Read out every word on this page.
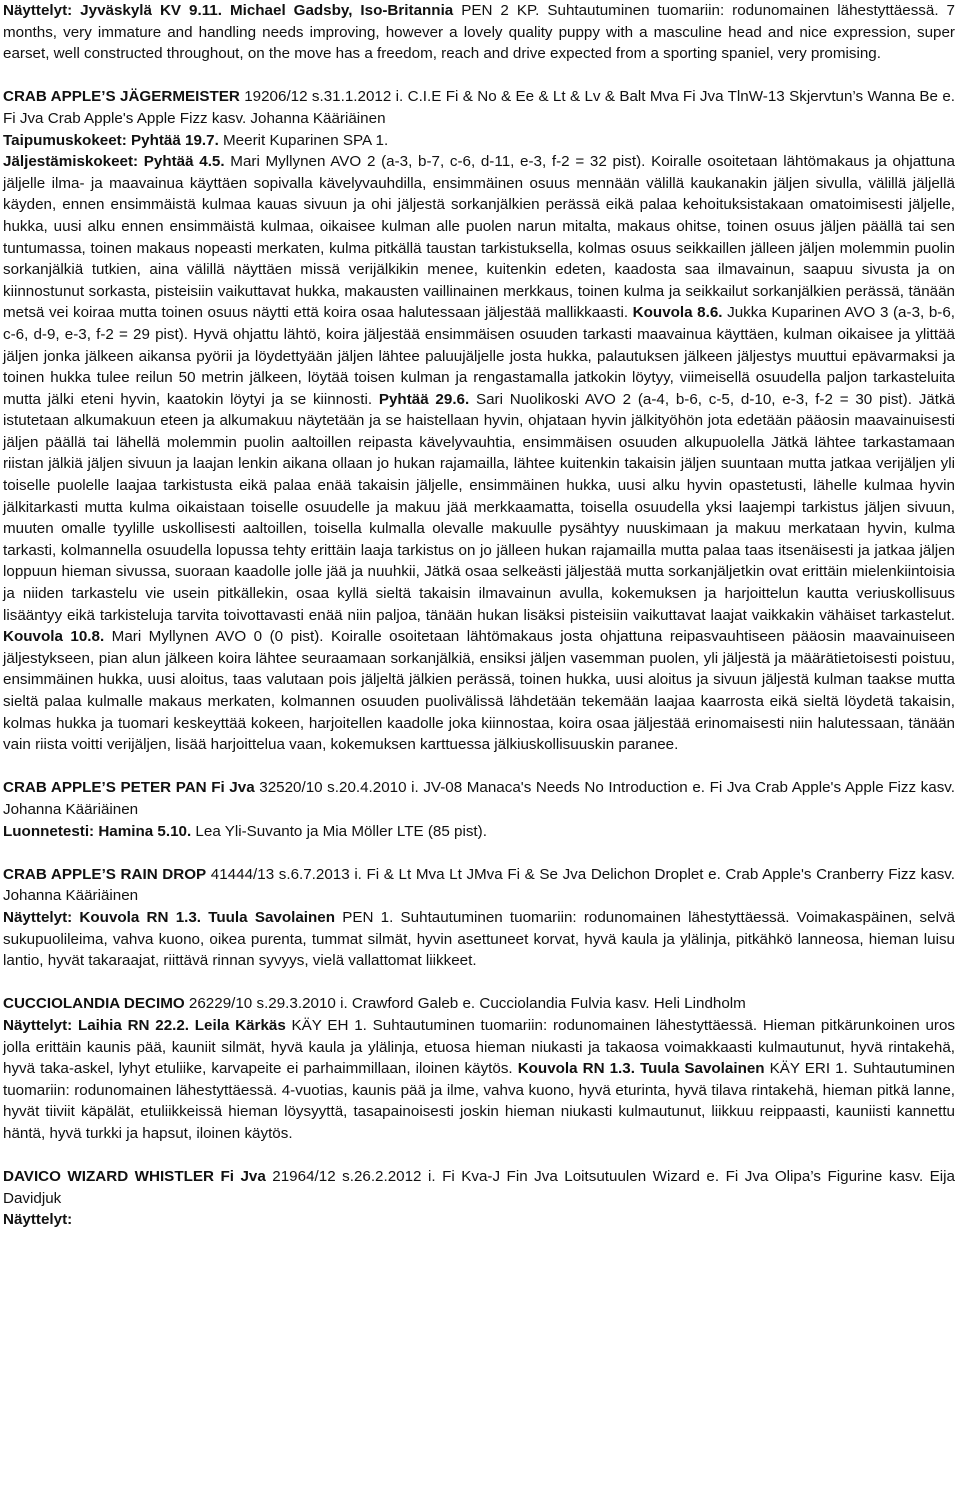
Näyttelyt: Jyväskylä KV 9.11. Michael Gadsby, Iso-Britannia PEN 2 KP. Suhtautuminen tuomariin: rodunomainen lähestyttäessä. 7 months, very immature and handling needs improving, however a lovely quality puppy with a masculine head and nice expression, super earset, well constructed throughout, on the move has a freedom, reach and drive expected from a sporting spaniel, very promising.

CRAB APPLE’S JÄGERMEISTER 19206/12 s.31.1.2012 i. C.I.E Fi & No & Ee & Lt & Lv & Balt Mva Fi Jva TlnW-13 Skjervtun’s Wanna Be e. Fi Jva Crab Apple's Apple Fizz kasv. Johanna Kääriäinen

Taipumuskokeet: Pyhtää 19.7. Meerit Kuparinen SPA 1.

Jäljestämiskokeet: Pyhtää 4.5. Mari Myllynen AVO 2 (a-3, b-7, c-6, d-11, e-3, f-2 = 32 pist). Koiralle osoitetaan lähtömakaus ja ohjattuna jäljelle ilma- ja maavainua käyttäen sopivalla kävelyvauhdilla, ensimmäinen osuus mennään välillä kaukanakin jäljen sivulla, välillä jäljellä käyden, ennen ensimmäistä kulmaa kauas sivuun ja ohi jäljestä sorkanjälkien perässä eikä palaa kehoituksistakaan omatoimisesti jäljelle, hukka, uusi alku ennen ensimmäistä kulmaa, oikaisee kulman alle puolen narun mitalta, makaus ohitse, toinen osuus jäljen päällä tai sen tuntumassa, toinen makaus nopeasti merkaten, kulma pitkällä taustan tarkistuksella, kolmas osuus seikkaillen jälleen jäljen molemmin puolin sorkanjälkiä tutkien, aina välillä näyttäen missä verijälkikin menee, kuitenkin edeten, kaadosta saa ilmavainun, saapuu sivusta ja on kiinnostunut sorkasta, pisteisiin vaikuttavat hukka, makausten vaillinainen merkkaus, toinen kulma ja seikkailut sorkanjälkien perässä, tänään metsä vei koiraa mutta toinen osuus näytti että koira osaa halutessaan jäljestää mallikkaasti. Kouvola 8.6. Jukka Kuparinen AVO 3 (a-3, b-6, c-6, d-9, e-3, f-2 = 29 pist). Hyvä ohjattu lähtö, koira jäljestää ensimmäisen osuuden tarkasti maavainua käyttäen, kulman oikaisee ja ylittää jäljen jonka jälkeen aikansa pyörii ja löydettyään jäljen lähtee paluujäljelle josta hukka, palautuksen jälkeen jäljestys muuttui epävarmaksi ja toinen hukka tulee reilun 50 metrin jälkeen, löytää toisen kulman ja rengastamalla jatkokin löytyy, viimeisellä osuudella paljon tarkasteluita mutta jälki eteni hyvin, kaatokin löytyi ja se kiinnosti. Pyhtää 29.6. Sari Nuolikoski AVO 2 (a-4, b-6, c-5, d-10, e-3, f-2 = 30 pist). Jätkä istutetaan alkumakuun eteen ja alkumakuu näytetään ja se haistellaan hyvin, ohjataan hyvin jälkityöhön jota edetään pääosin maavainuisesti jäljen päällä tai lähellä molemmin puolin aaltoillen reipasta kävelyvauhtia, ensimmäisen osuuden alkupuolella Jätkä lähtee tarkastamaan riistan jälkiä jäljen sivuun ja laajan lenkin aikana ollaan jo hukan rajamailla, lähtee kuitenkin takaisin jäljen suuntaan mutta jatkaa verijäljen yli toiselle puolelle laajaa tarkistusta eikä palaa enää takaisin jäljelle, ensimmäinen hukka, uusi alku hyvin opastetusti, lähelle kulmaa hyvin jälkitarkasti mutta kulma oikaistaan toiselle osuudelle ja makuu jää merkkaamatta, toisella osuudella yksi laajempi tarkistus jäljen sivuun, muuten omalle tyylille uskollisesti aaltoillen, toisella kulmalla olevalle makuulle pysähtyy nuuskimaan ja makuu merkataan hyvin, kulma tarkasti, kolmannella osuudella lopussa tehty erittäin laaja tarkistus on jo jälleen hukan rajamailla mutta palaa taas itsenäisesti ja jatkaa jäljen loppuun hieman sivussa, suoraan kaadolle jolle jää ja nuuhkii, Jätkä osaa selkeästi jäljestää mutta sorkanjäljetkin ovat erittäin mielenkiintoisia ja niiden tarkastelu vie usein pitkällekin, osaa kyllä sieltä takaisin ilmavainun avulla, kokemuksen ja harjoittelun kautta veriuskollisuus lisääntyy eikä tarkisteluja tarvita toivottavasti enää niin paljoa, tänään hukan lisäksi pisteisiin vaikuttavat laajat vaikkakin vähäiset tarkastelut. Kouvola 10.8. Mari Myllynen AVO 0 (0 pist). Koiralle osoitetaan lähtömakaus josta ohjattuna reipasvauhtiseen pääosin maavainuiseen jäljestykseen, pian alun jälkeen koira lähtee seuraamaan sorkanjälkiä, ensiksi jäljen vasemman puolen, yli jäljestä ja määrätietoisesti poistuu, ensimmäinen hukka, uusi aloitus, taas valutaan pois jäljeltä jälkien perässä, toinen hukka, uusi aloitus ja sivuun jäljestä kulman taakse mutta sieltä palaa kulmalle makaus merkaten, kolmannen osuuden puolivälissä lähdetään tekemään laajaa kaarrosta eikä sieltä löydetä takaisin, kolmas hukka ja tuomari keskeyttää kokeen, harjoitellen kaadolle joka kiinnostaa, koira osaa jäljestää erinomaisesti niin halutessaan, tänään vain riista voitti verijäljen, lisää harjoittelua vaan, kokemuksen karttuessa jälkiuskollisuuskin paranee.

CRAB APPLE’S PETER PAN Fi Jva 32520/10 s.20.4.2010 i. JV-08 Manaca's Needs No Introduction e. Fi Jva Crab Apple's Apple Fizz kasv. Johanna Kääriäinen

Luonnetesti: Hamina 5.10. Lea Yli-Suvanto ja Mia Möller LTE (85 pist).

CRAB APPLE’S RAIN DROP 41444/13 s.6.7.2013 i. Fi & Lt Mva Lt JMva Fi & Se Jva Delichon Droplet e. Crab Apple's Cranberry Fizz kasv. Johanna Kääriäinen

Näyttelyt: Kouvola RN 1.3. Tuula Savolainen PEN 1. Suhtautuminen tuomariin: rodunomainen lähestyttäessä. Voimakaspäinen, selvä sukupuolileima, vahva kuono, oikea purenta, tummat silmät, hyvin asettuneet korvat, hyvä kaula ja ylälinja, pitkähkö lanneosa, hieman luisu lantio, hyvät takaraajat, riittävä rinnan syvyys, vielä vallattomat liikkeet.

CUCCIOLANDIA DECIMO 26229/10 s.29.3.2010 i. Crawford Galeb e. Cucciolandia Fulvia kasv. Heli Lindholm

Näyttelyt: Laihia RN 22.2. Leila Kärkäs KÄY EH 1. Suhtautuminen tuomariin: rodunomainen lähestyttäessä. Hieman pitkärunkoinen uros jolla erittäin kaunis pää, kauniit silmät, hyvä kaula ja ylälinja, etuosa hieman niukasti ja takaosa voimakkaasti kulmautunut, hyvä rintakehä, hyvä taka-askel, lyhyt etuliike, karvapeite ei parhaimmillaan, iloinen käytös. Kouvola RN 1.3. Tuula Savolainen KÄY ERI 1. Suhtautuminen tuomariin: rodunomainen lähestyttäessä. 4-vuotias, kaunis pää ja ilme, vahva kuono, hyvä eturinta, hyvä tilava rintakehä, hieman pitkä lanne, hyvät tiiviit käpälät, etuliikkeissä hieman löysyyttä, tasapainoisesti joskin hieman niukasti kulmautunut, liikkuu reippaasti, kauniisti kannettu häntä, hyvä turkki ja hapsut, iloinen käytös.

DAVICO WIZARD WHISTLER Fi Jva 21964/12 s.26.2.2012 i. Fi Kva-J Fin Jva Loitsutuulen Wizard e. Fi Jva Olipa’s Figurine kasv. Eija Davidjuk

Näyttelyt:
